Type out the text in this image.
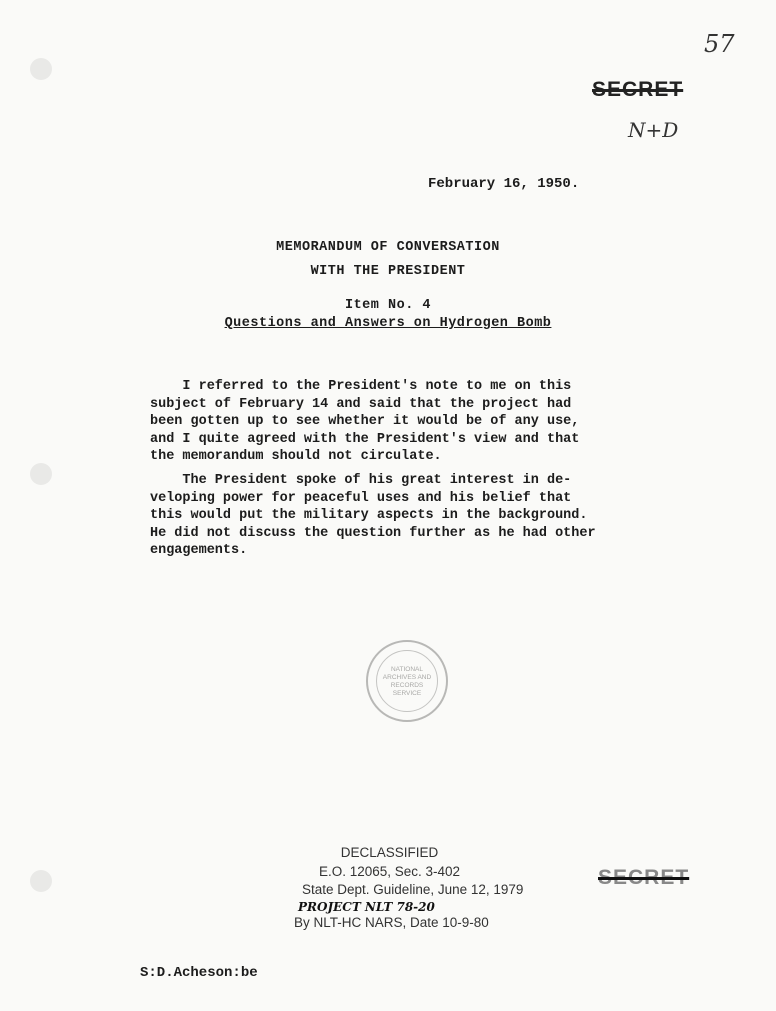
57
N+D
SECRET
February 16, 1950.
MEMORANDUM OF CONVERSATION
WITH THE PRESIDENT
Item No. 4
Questions and Answers on Hydrogen Bomb
I referred to the President's note to me on this
subject of February 14 and said that the project had
been gotten up to see whether it would be of any use,
and I quite agreed with the President's view and that
the memorandum should not circulate.
The President spoke of his great interest in de-
veloping power for peaceful uses and his belief that
this would put the military aspects in the background.
He did not discuss the question further as he had other
engagements.
NATIONAL
ARCHIVES AND
RECORDS
SERVICE
DECLASSIFIED
E.O. 12065, Sec. 3-402
State Dept. Guideline, June 12, 1979
PROJECT NLT 78-20
By NLT-HC NARS, Date 10-9-80
SECRET
S:D.Acheson:be
